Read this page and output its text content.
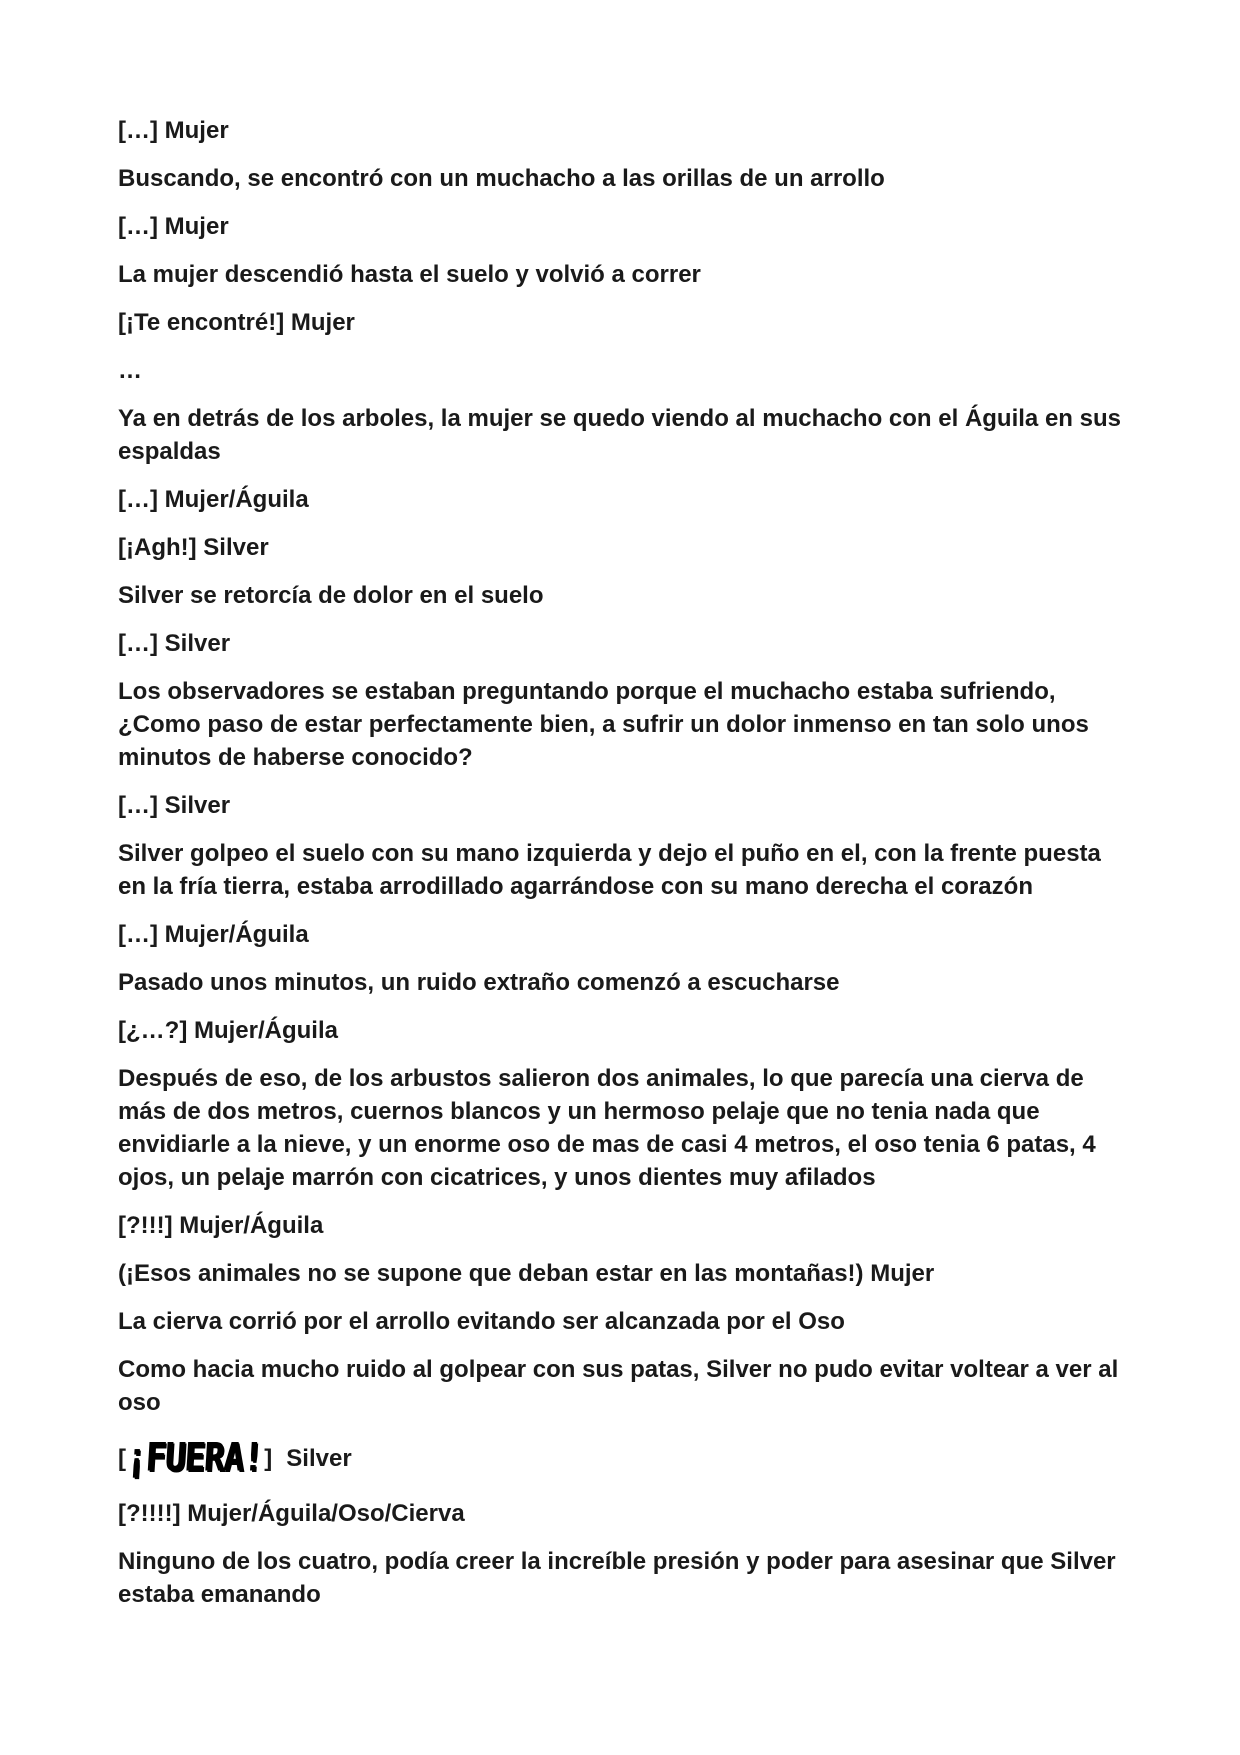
[…] Mujer

Buscando, se encontró con un muchacho a las orillas de un arrollo

[…] Mujer

La mujer descendió hasta el suelo y volvió a correr

[¡Te encontré!] Mujer

…

Ya en detrás de los arboles, la mujer se quedo viendo al muchacho con el Águila en sus espaldas

[…] Mujer/Águila

[¡Agh!] Silver

Silver se retorcía de dolor en el suelo

[…] Silver

Los observadores se estaban preguntando porque el muchacho estaba sufriendo, ¿Como paso de estar perfectamente bien, a sufrir un dolor inmenso en tan solo unos minutos de haberse conocido?

[…] Silver

Silver golpeo el suelo con su mano izquierda y dejo el puño en el, con la frente puesta en la fría tierra, estaba arrodillado agarrándose con su mano derecha el corazón

[…] Mujer/Águila

Pasado unos minutos, un ruido extraño comenzó a escucharse

[¿…?] Mujer/Águila

Después de eso, de los arbustos salieron dos animales, lo que parecía una cierva de más de dos metros, cuernos blancos y un hermoso pelaje que no tenia nada que envidiarle a la nieve, y un enorme oso de mas de casi 4 metros, el oso tenia 6 patas, 4 ojos, un pelaje marrón con cicatrices, y unos dientes muy afilados

[?!!!] Mujer/Águila

(¡Esos animales no se supone que deban estar en las montañas!) Mujer

La cierva corrió por el arrollo evitando ser alcanzada por el Oso

Como hacia mucho ruido al golpear con sus patas, Silver no pudo evitar voltear a ver al oso

[ ¡FUERA! ] Silver

[?!!!!] Mujer/Águila/Oso/Cierva

Ninguno de los cuatro, podía creer la increíble presión y poder para asesinar que Silver estaba emanando
